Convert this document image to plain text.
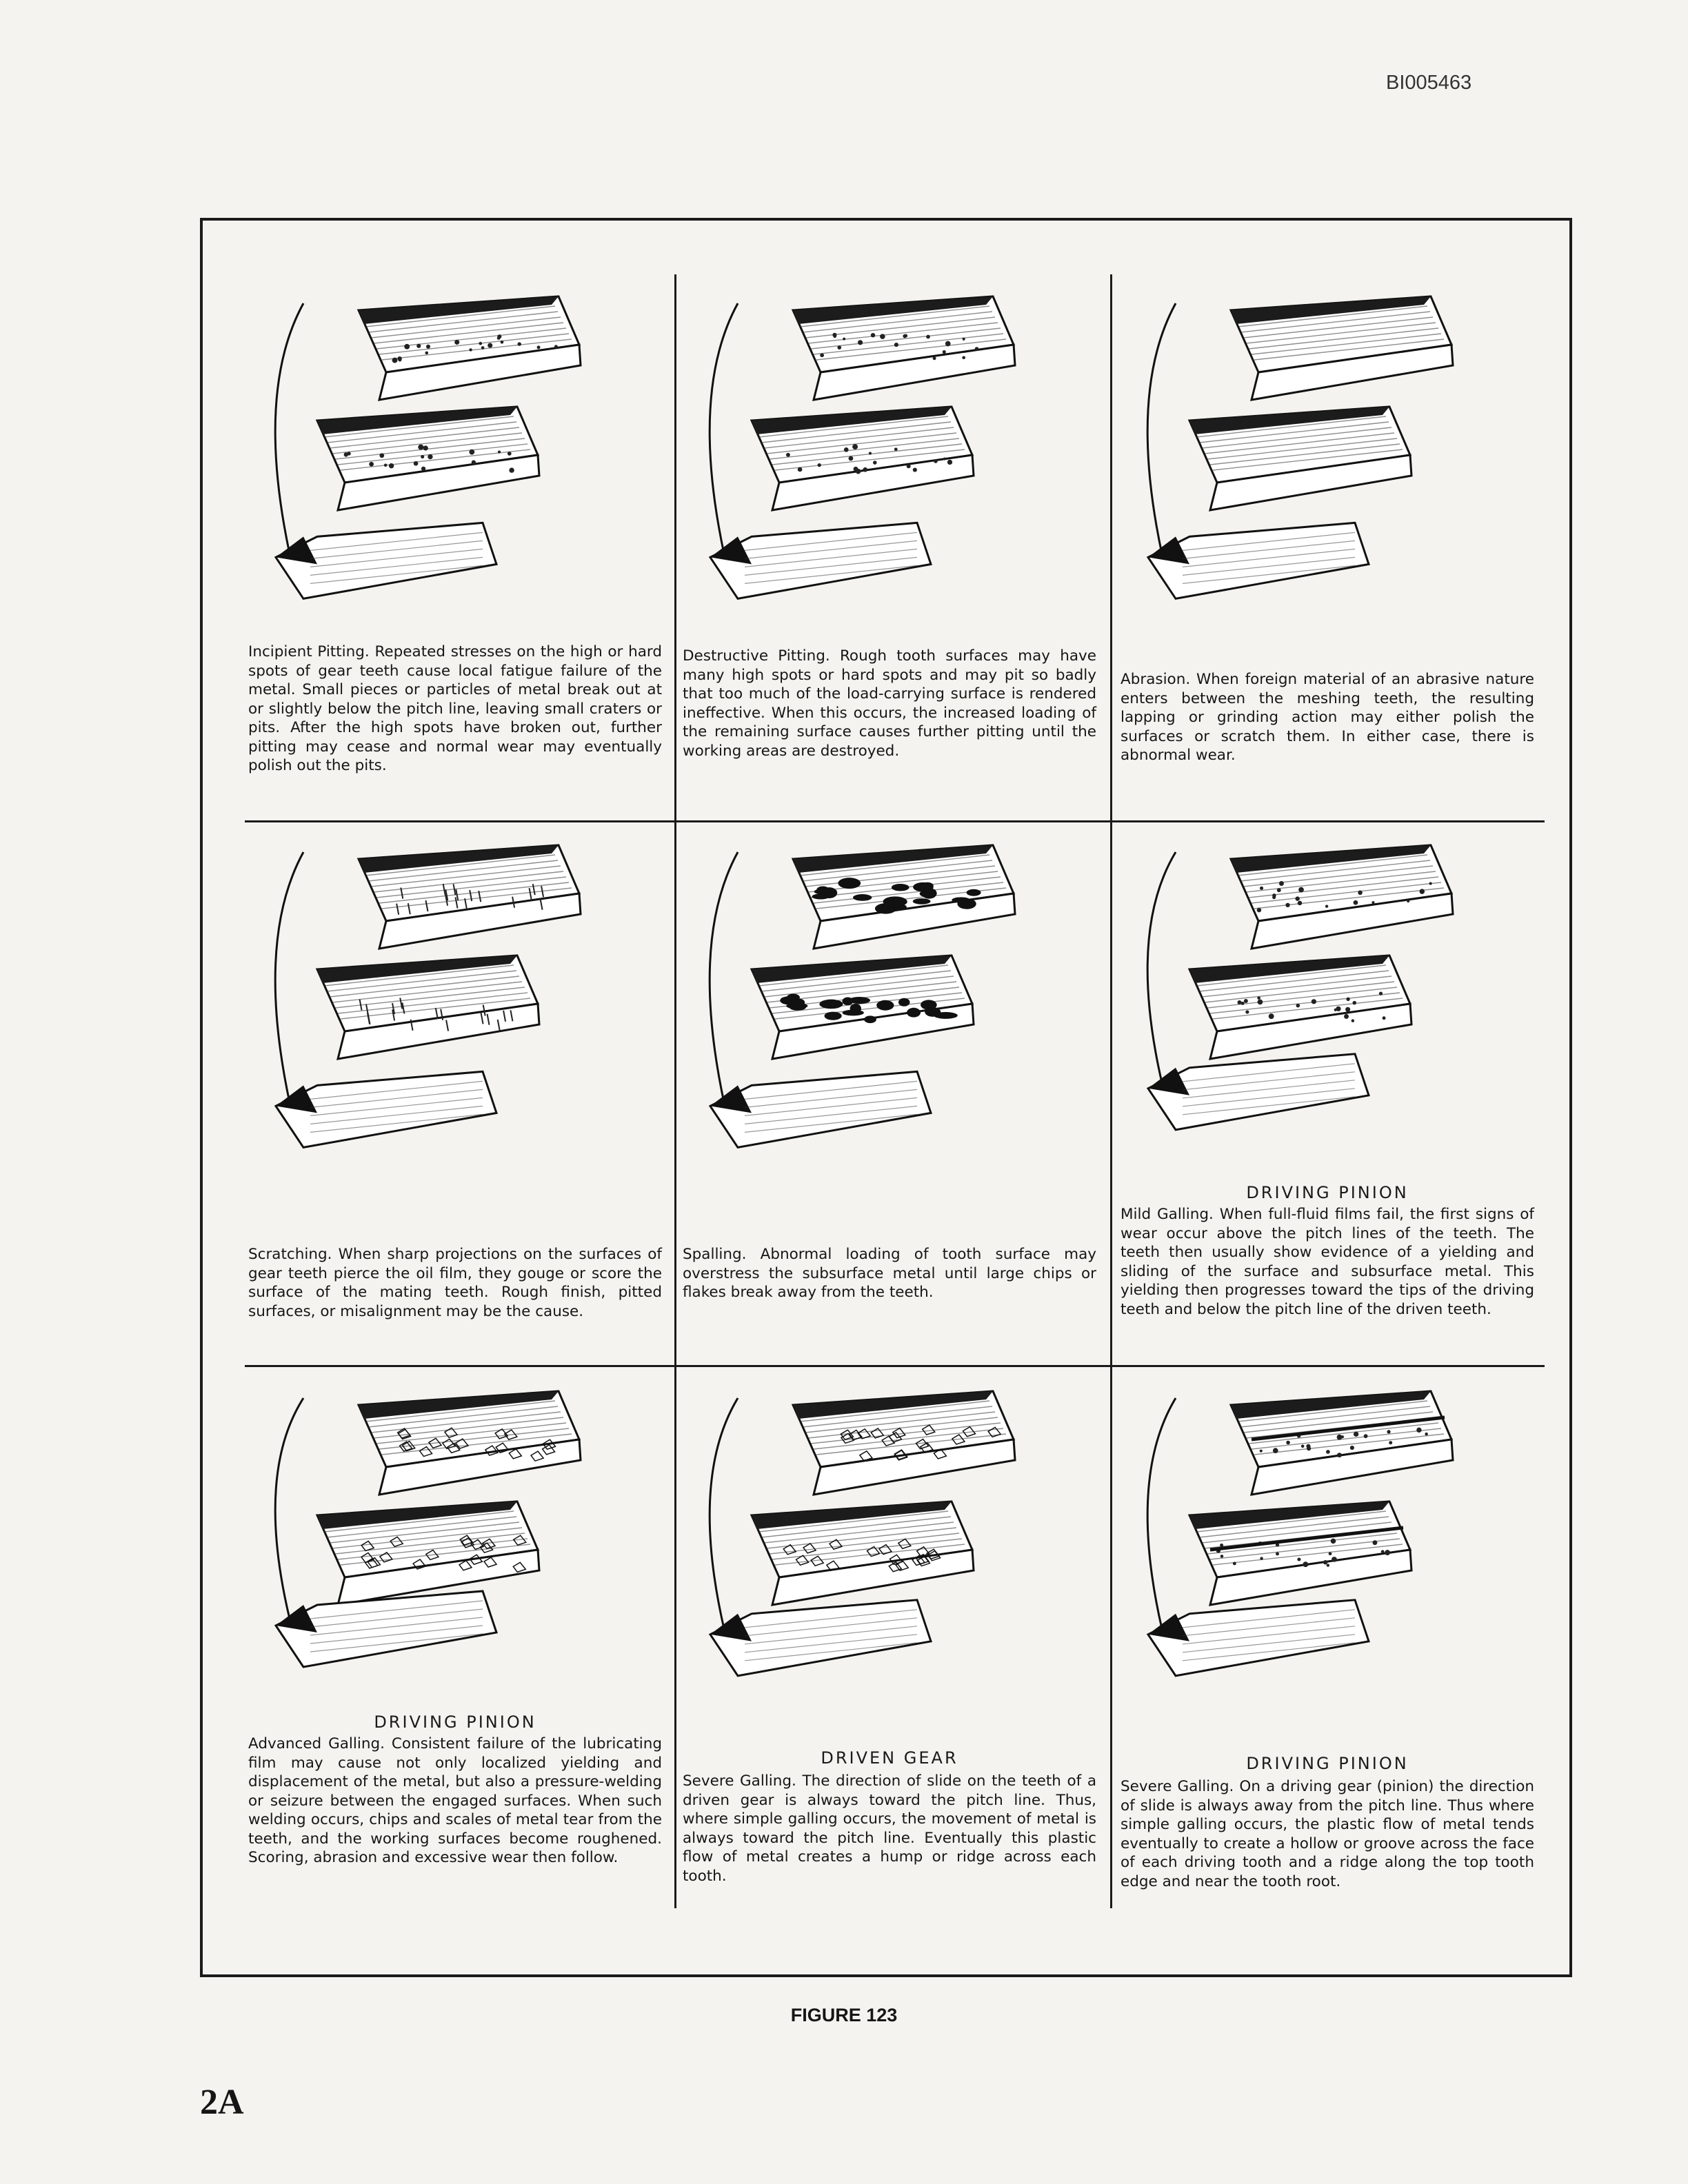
BI005463
Incipient Pitting. Repeated stresses on the high or hard spots of gear teeth cause local fatigue failure of the metal. Small pieces or particles of metal break out at or slightly below the pitch line, leaving small craters or pits. After the high spots have broken out, further pitting may cease and normal wear may eventually polish out the pits.
Destructive Pitting. Rough tooth surfaces may have many high spots or hard spots and may pit so badly that too much of the load-carrying surface is rendered ineffective. When this occurs, the increased loading of the remaining surface causes further pitting until the working areas are destroyed.
Abrasion. When foreign material of an abrasive nature enters between the meshing teeth, the resulting lapping or grinding action may either polish the surfaces or scratch them. In either case, there is abnormal wear.
Scratching. When sharp projections on the surfaces of gear teeth pierce the oil film, they gouge or score the surface of the mating teeth. Rough finish, pitted surfaces, or misalignment may be the cause.
Spalling. Abnormal loading of tooth surface may overstress the subsurface metal until large chips or flakes break away from the teeth.
DRIVING PINION
Mild Galling. When full-fluid films fail, the first signs of wear occur above the pitch lines of the teeth. The teeth then usually show evidence of a yielding and sliding of the surface and subsurface metal. This yielding then progresses toward the tips of the driving teeth and below the pitch line of the driven teeth.
DRIVING PINION
Advanced Galling. Consistent failure of the lubricating film may cause not only localized yielding and displacement of the metal, but also a pressure-welding or seizure between the engaged surfaces. When such welding occurs, chips and scales of metal tear from the teeth, and the working surfaces become roughened. Scoring, abrasion and excessive wear then follow.
DRIVEN GEAR
Severe Galling. The direction of slide on the teeth of a driven gear is always toward the pitch line. Thus, where simple galling occurs, the movement of metal is always toward the pitch line. Eventually this plastic flow of metal creates a hump or ridge across each tooth.
DRIVING PINION
Severe Galling. On a driving gear (pinion) the direction of slide is always away from the pitch line. Thus where simple galling occurs, the plastic flow of metal tends eventually to create a hollow or groove across the face of each driving tooth and a ridge along the top tooth edge and near the tooth root.
FIGURE 123
2A
